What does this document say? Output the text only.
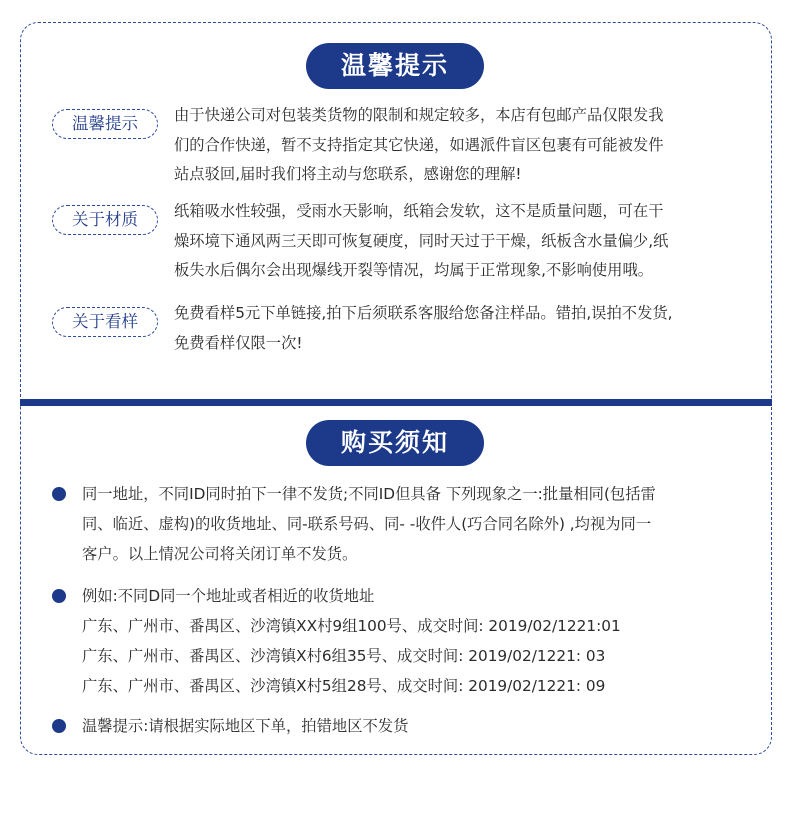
温馨提示
温馨提示	由于快递公司对包装类货物的限制和规定较多，本店有包邮产品仅限发我
们的合作快递，暂不支持指定其它快递，如遇派件盲区包裹有可能被发件
站点驳回,届时我们将主动与您联系，感谢您的理解!
关于材质	纸箱吸水性较强，受雨水天影响，纸箱会发软，这不是质量问题，可在干
燥环境下通风两三天即可恢复硬度，同时天过于干燥，纸板含水量偏少,纸
板失水后偶尔会出现爆线开裂等情况，均属于正常现象,不影响使用哦。
关于看样	免费看样5元下单链接,拍下后须联系客服给您备注样品。错拍,误拍不发货,
免费看样仅限一次!
购买须知
同一地址，不同ID同时拍下一律不发货;不同ID但具备 下列现象之一:批量相同(包括雷
同、临近、虚构)的收货地址、同-联系号码、同- -收件人(巧合同名除外) ,均视为同一
客户。以上情况公司将关闭订单不发货。
例如:不同D同一个地址或者相近的收货地址
广东、广州市、番禺区、沙湾镇XX村9组100号、成交时间: 2019/02/1221:01
广东、广州市、番禺区、沙湾镇X村6组35号、成交时间: 2019/02/1221: 03
广东、广州市、番禺区、沙湾镇X村5组28号、成交时间: 2019/02/1221: 09
温馨提示:请根据实际地区下单，拍错地区不发货
